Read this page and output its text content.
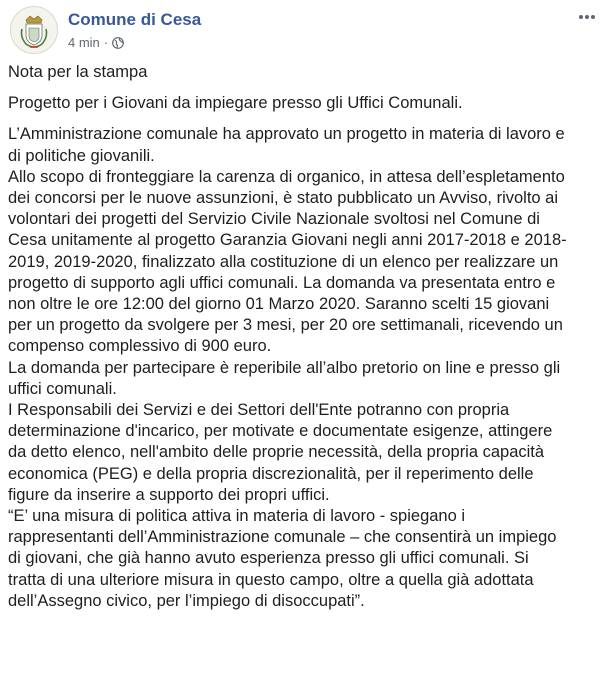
Comune di Cesa
4 min ·

Nota per la stampa

Progetto per i Giovani da impiegare presso gli Uffici Comunali.

L’Amministrazione comunale ha approvato un progetto in materia di lavoro e
di politiche giovanili.
Allo scopo di fronteggiare la carenza di organico, in attesa dell’espletamento
dei concorsi per le nuove assunzioni, è stato pubblicato un Avviso, rivolto ai
volontari dei progetti del Servizio Civile Nazionale svoltosi nel Comune di
Cesa unitamente al progetto Garanzia Giovani negli anni 2017-2018 e 2018-
2019, 2019-2020, finalizzato alla costituzione di un elenco per realizzare un
progetto di supporto agli uffici comunali. La domanda va presentata entro e
non oltre le ore 12:00 del giorno 01 Marzo 2020. Saranno scelti 15 giovani
per un progetto da svolgere per 3 mesi, per 20 ore settimanali, ricevendo un
compenso complessivo di 900 euro.
La domanda per partecipare è reperibile all’albo pretorio on line e presso gli
uffici comunali.
I Responsabili dei Servizi e dei Settori dell'Ente potranno con propria
determinazione d'incarico, per motivate e documentate esigenze, attingere
da detto elenco, nell'ambito delle proprie necessità, della propria capacità
economica (PEG) e della propria discrezionalità, per il reperimento delle
figure da inserire a supporto dei propri uffici.
“E’ una misura di politica attiva in materia di lavoro - spiegano i
rappresentanti dell’Amministrazione comunale – che consentirà un impiego
di giovani, che già hanno avuto esperienza presso gli uffici comunali. Si
tratta di una ulteriore misura in questo campo, oltre a quella già adottata
dell’Assegno civico, per l’impiego di disoccupati”.
